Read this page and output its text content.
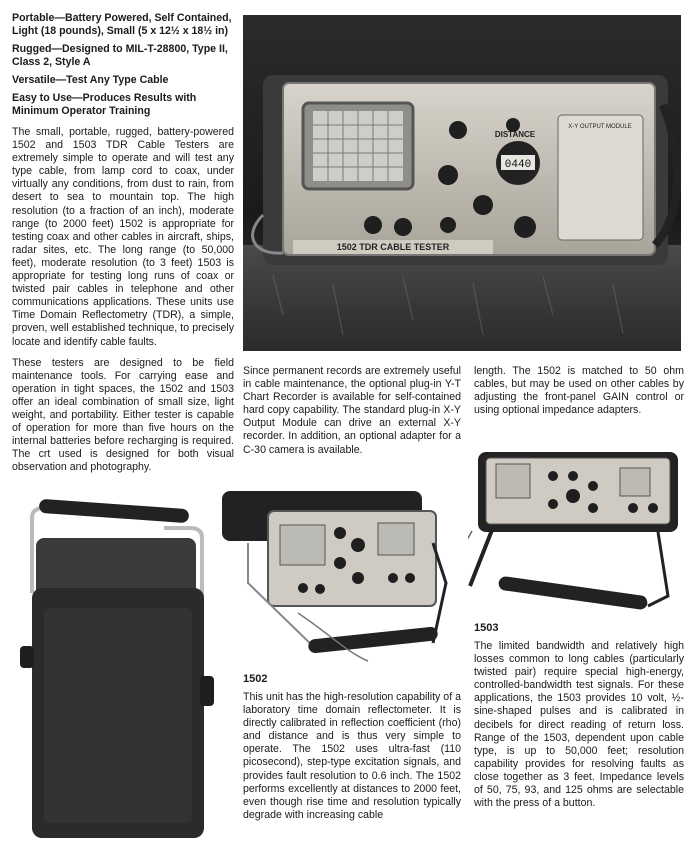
Portable—Battery Powered, Self Contained, Light (18 pounds), Small (5 x 12½ x 18½ in)

Rugged—Designed to MIL-T-28800, Type II, Class 2, Style A

Versatile—Test Any Type Cable

Easy to Use—Produces Results with Minimum Operator Training

The small, portable, rugged, battery-powered 1502 and 1503 TDR Cable Testers are extremely simple to operate and will test any type cable, from lamp cord to coax, under virtually any conditions, from dust to rain, from desert to sea to mountain top. The high resolution (to a fraction of an inch), moderate range (to 2000 feet) 1502 is appropriate for testing coax and other cables in aircraft, ships, radar sites, etc. The long range (to 50,000 feet), moderate resolution (to 3 feet) 1503 is appropriate for testing long runs of coax or twisted pair cables in telephone and other communications applications. These units use Time Domain Reflectometry (TDR), a simple, proven, well established technique, to precisely locate and identify cable faults.

These testers are designed to be field maintenance tools. For carrying ease and operation in tight spaces, the 1502 and 1503 offer an ideal combination of small size, light weight, and portability. Either tester is capable of operation for more than five hours on the internal batteries before recharging is required. The crt used is designed for both visual observation and photography.

0440
DISTANCE
X-Y OUTPUT MODULE
1502 TDR CABLE TESTER

Since permanent records are extremely useful in cable maintenance, the optional plug-in Y-T Chart Recorder is available for self-contained hard copy capability. The standard plug-in X-Y Output Module can drive an external X-Y recorder. In addition, an optional adapter for a C-30 camera is available.

length. The 1502 is matched to 50 ohm cables, but may be used on other cables by adjusting the front-panel GAIN control or using optional impedance adapters.

1502

This unit has the high-resolution capability of a laboratory time domain reflectometer. It is directly calibrated in reflection coefficient (rho) and distance and is thus very simple to operate. The 1502 uses ultra-fast (110 picosecond), step-type excitation signals, and provides fault resolution to 0.6 inch. The 1502 performs excellently at distances to 2000 feet, even though rise time and resolution typically degrade with increasing cable

1503

The limited bandwidth and relatively high losses common to long cables (particularly twisted pair) require special high-energy, controlled-bandwidth test signals. For these applications, the 1503 provides 10 volt, ½-sine-shaped pulses and is calibrated in decibels for direct reading of return loss. Range of the 1503, dependent upon cable type, is up to 50,000 feet; resolution capability provides for resolving faults as close together as 3 feet. Impedance levels of 50, 75, 93, and 125 ohms are selectable with the press of a button.
